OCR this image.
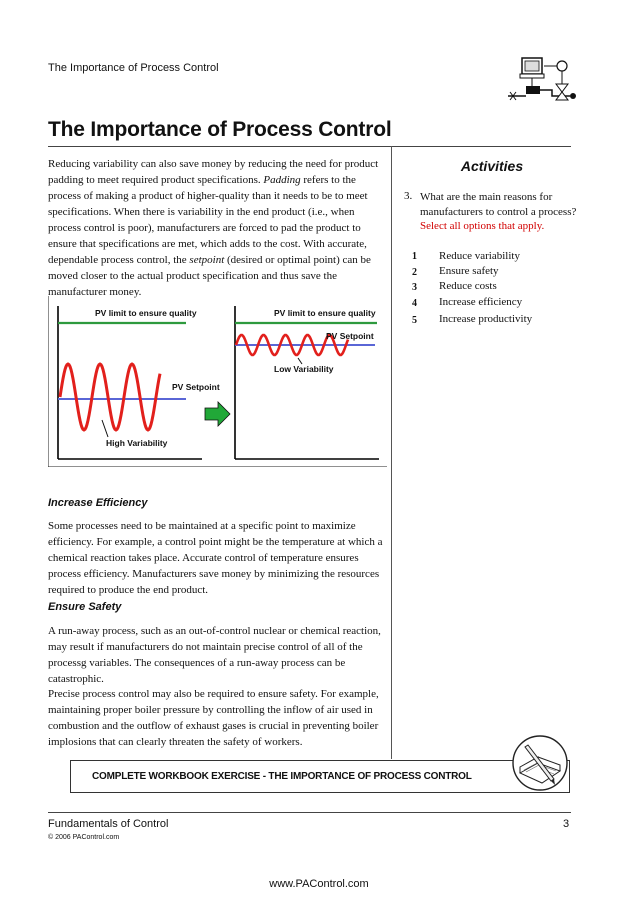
The Importance of Process Control
The Importance of Process Control

Reducing variability can also save money by reducing the need for product padding to meet required product specifications. Padding refers to the process of making a product of higher-quality than it needs to be to meet specifications. When there is variability in the end product (i.e., when process control is poor), manufacturers are forced to pad the product to ensure that specifications are met, which adds to the cost. With accurate, dependable process control, the setpoint (desired or optimal point) can be moved closer to the actual product specification and thus save the manufacturer money.

PV limit to ensure quality
PV Setpoint
High Variability
PV limit to ensure quality
PV Setpoint
Low Variability
Increase Efficiency
Some processes need to be maintained at a specific point to maximize efficiency. For example, a control point might be the temperature at which a chemical reaction takes place. Accurate control of temperature ensures process efficiency. Manufacturers save money by minimizing the resources required to produce the end product.
Ensure Safety
A run-away process, such as an out-of-control nuclear or chemical reaction, may result if manufacturers do not maintain precise control of all of the processg variables. The consequences of a run-away process can be catastrophic.
Precise process control may also be required to ensure safety. For example, maintaining proper boiler pressure by controlling the inflow of air used in combustion and the outflow of exhaust gases is crucial in preventing boiler implosions that can clearly threaten the safety of workers.
Activities
3. What are the main reasons for manufacturers to control a process?
Select all options that apply.
1 Reduce variability
2 Ensure safety
3 Reduce costs
4 Increase efficiency
5 Increase productivity
COMPLETE WORKBOOK EXERCISE - THE IMPORTANCE OF PROCESS CONTROL
Fundamentals of Control	3
© 2006 PAControl.com
www.PAControl.com
